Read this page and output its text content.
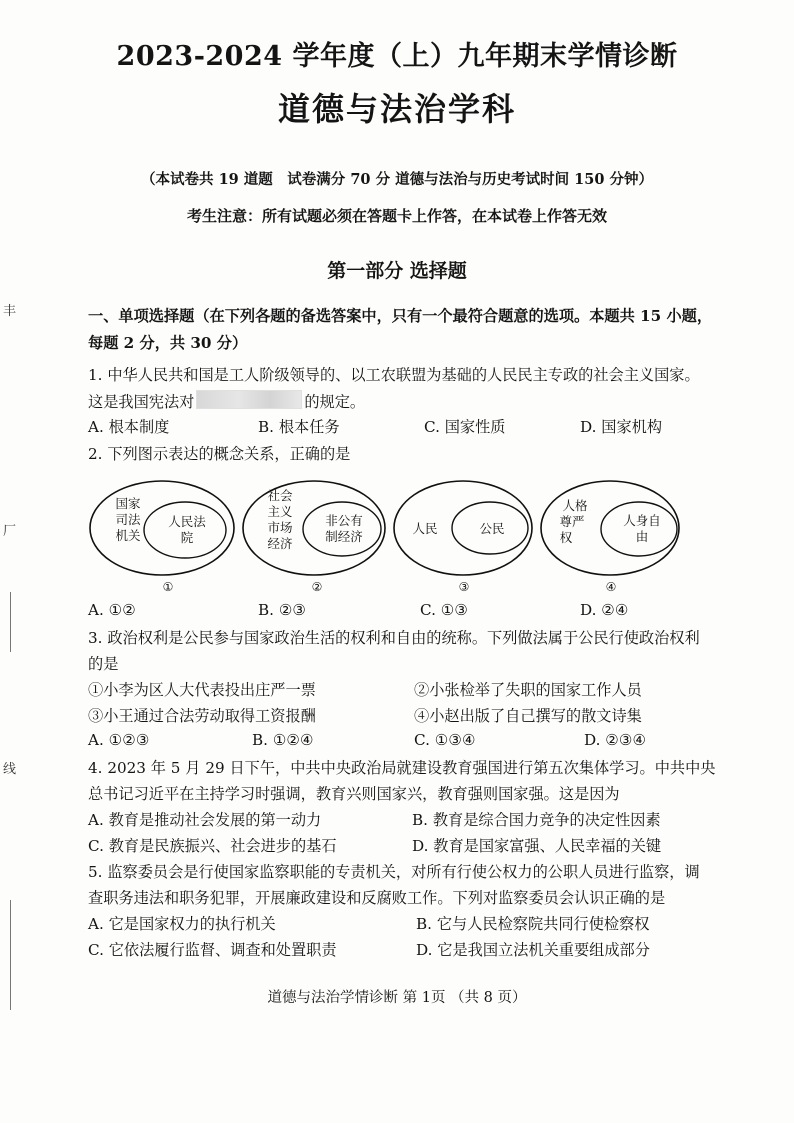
丰
厂
线
2023-2024 学年度（上）九年期末学情诊断
道德与法治学科
（本试卷共 19 道题　试卷满分 70 分 道德与法治与历史考试时间 150 分钟）
考生注意：所有试题必须在答题卡上作答，在本试卷上作答无效
第一部分 选择题
一、单项选择题（在下列各题的备选答案中，只有一个最符合题意的选项。本题共 15 小题，
每题 2 分，共 30 分）
1. 中华人民共和国是工人阶级领导的、以工农联盟为基础的人民民主专政的社会主义国家。
这是我国宪法对	的规定。
A. 根本制度	B. 根本任务	C. 国家性质	D. 国家机构
2. 下列图示表达的概念关系，正确的是
国家
司法
机关
人民法
院
①
社会
主义
市场
经济
非公有
制经济
②
人民	公民
③
人格
尊严
权
人身自
由
④
A. ①②	B. ②③	C. ①③	D. ②④
3. 政治权利是公民参与国家政治生活的权利和自由的统称。下列做法属于公民行使政治权利
的是
①小李为区人大代表投出庄严一票	②小张检举了失职的国家工作人员
③小王通过合法劳动取得工资报酬	④小赵出版了自己撰写的散文诗集
A. ①②③	B. ①②④	C. ①③④	D. ②③④
4. 2023 年 5 月 29 日下午，中共中央政治局就建设教育强国进行第五次集体学习。中共中央
总书记习近平在主持学习时强调，教育兴则国家兴，教育强则国家强。这是因为
A. 教育是推动社会发展的第一动力	B. 教育是综合国力竞争的决定性因素
C. 教育是民族振兴、社会进步的基石	D. 教育是国家富强、人民幸福的关键
5. 监察委员会是行使国家监察职能的专责机关，对所有行使公权力的公职人员进行监察，调
查职务违法和职务犯罪，开展廉政建设和反腐败工作。下列对监察委员会认识正确的是
A. 它是国家权力的执行机关	B. 它与人民检察院共同行使检察权
C. 它依法履行监督、调查和处置职责	D. 它是我国立法机关重要组成部分
道德与法治学情诊断 第 1页 （共 8 页）
